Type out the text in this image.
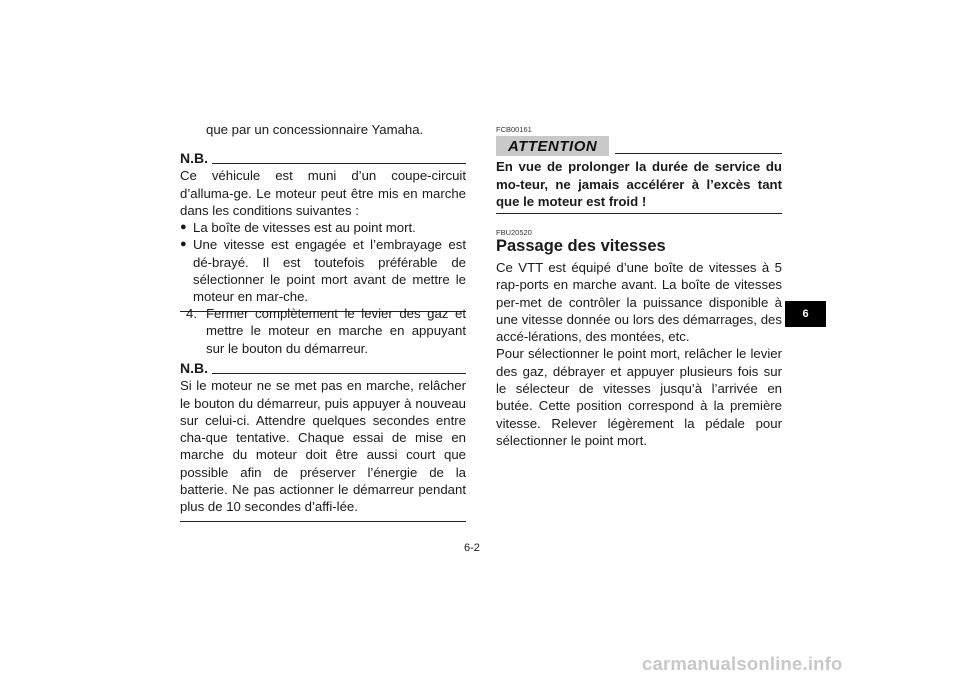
que par un concessionnaire Yamaha.
N.B.

Ce véhicule est muni d’un coupe-circuit d’alluma-ge. Le moteur peut être mis en marche dans les conditions suivantes :

● La boîte de vitesses est au point mort.
● Une vitesse est engagée et l’embrayage est dé-brayé. Il est toutefois préférable de sélectionner le point mort avant de mettre le moteur en mar-che.
4. Fermer complètement le levier des gaz et mettre le moteur en marche en appuyant sur le bouton du démarreur.
N.B.

Si le moteur ne se met pas en marche, relâcher le bouton du démarreur, puis appuyer à nouveau sur celui-ci. Attendre quelques secondes entre cha-que tentative. Chaque essai de mise en marche du moteur doit être aussi court que possible afin de préserver l’énergie de la batterie. Ne pas actionner le démarreur pendant plus de 10 secondes d’affi-lée.

FCB00161
ATTENTION

En vue de prolonger la durée de service du mo-teur, ne jamais accélérer à l’excès tant que le moteur est froid !

FBU20520
Passage des vitesses

Ce VTT est équipé d’une boîte de vitesses à 5 rap-ports en marche avant. La boîte de vitesses per-met de contrôler la puissance disponible à une vitesse donnée ou lors des démarrages, des accé-lérations, des montées, etc.

Pour sélectionner le point mort, relâcher le levier des gaz, débrayer et appuyer plusieurs fois sur le sélecteur de vitesses jusqu’à l’arrivée en butée. Cette position correspond à la première vitesse. Relever légèrement la pédale pour sélectionner le point mort.

6
6-2
carmanualsonline.info
